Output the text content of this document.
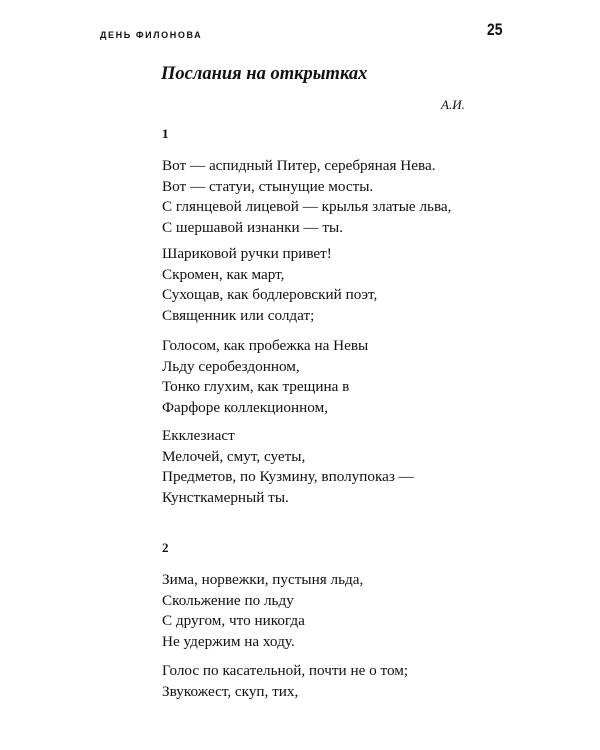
ДЕНЬ ФИЛОНОВА	25
Послания на открытках
А.И.
1
Вот — аспидный Питер, серебряная Нева.
Вот — статуи, стынущие мосты.
С глянцевой лицевой — крылья златые льва,
С шершавой изнанки — ты.
Шариковой ручки привет!
Скромен, как март,
Сухощав, как бодлеровский поэт,
Священник или солдат;
Голосом, как пробежка на Невы
Льду серобездонном,
Тонко глухим, как трещина в
Фарфоре коллекционном,
Екклезиаст
Мелочей, смут, суеты,
Предметов, по Кузмину, вполупоказ —
Кунсткамерный ты.
2
Зима, норвежки, пустыня льда,
Скольжение по льду
С другом, что никогда
Не удержим на ходу.
Голос по касательной, почти не о том;
Звукожест, скуп, тих,
